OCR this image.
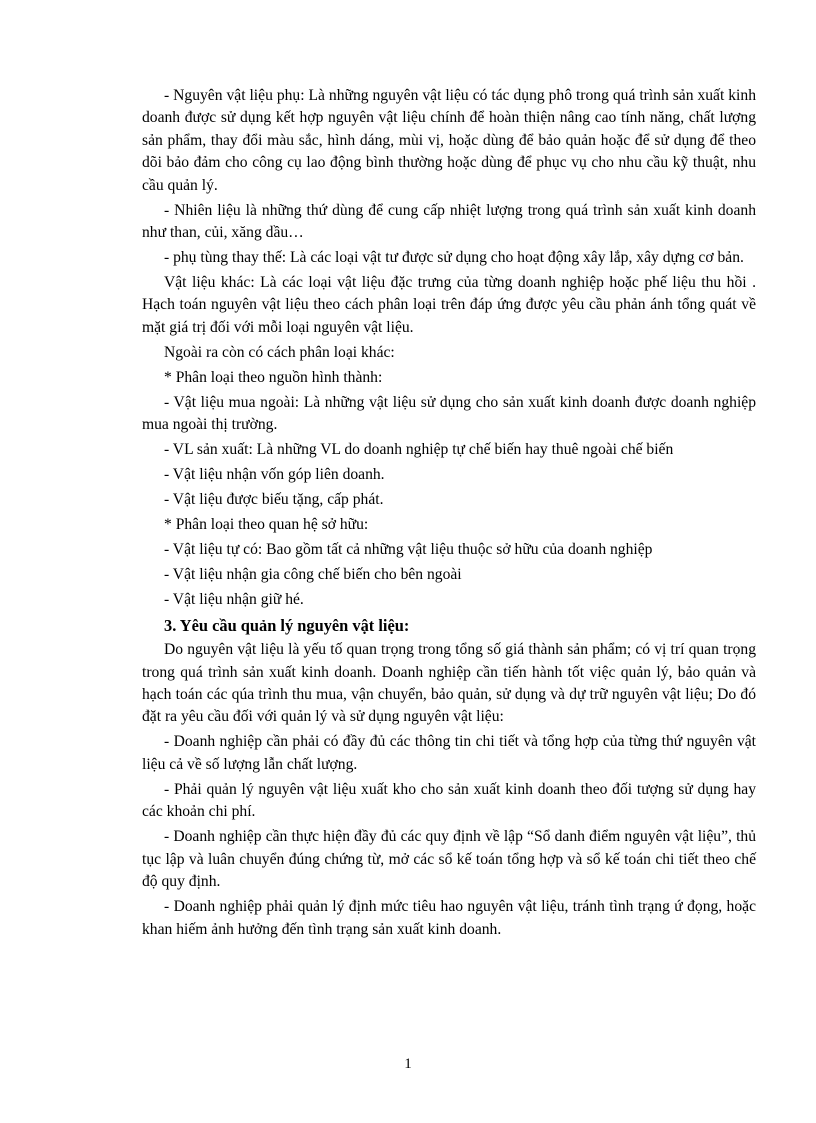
- Nguyên vật liệu phụ: Là những nguyên vật liệu có tác dụng phô trong quá trình sản xuất kinh doanh được sử dụng kết hợp nguyên vật liệu chính để hoàn thiện nâng cao tính năng, chất lượng sản phẩm, thay đổi màu sắc, hình dáng, mùi vị, hoặc dùng để bảo quản hoặc để sử dụng để theo dõi bảo đảm cho công cụ lao động bình thường hoặc dùng để phục vụ cho nhu cầu kỹ thuật, nhu cầu quản lý.

- Nhiên liệu là những thứ dùng để cung cấp nhiệt lượng trong quá trình sản xuất kinh doanh như than, củi, xăng dầu…

- phụ tùng thay thế: Là các loại vật tư được sử dụng cho hoạt động xây lắp, xây dựng cơ bản.

Vật liệu khác: Là các loại vật liệu đặc trưng của từng doanh nghiệp hoặc phế liệu thu hồi . Hạch toán nguyên vật liệu theo cách phân loại trên đáp ứng được yêu cầu phản ánh tổng quát về mặt giá trị đối với mỗi loại nguyên vật liệu.

Ngoài ra còn có cách phân loại khác:

* Phân loại theo nguồn hình thành:

- Vật liệu mua ngoài: Là những vật liệu sử dụng cho sản xuất kinh doanh được doanh nghiệp mua ngoài thị trường.

- VL sản xuất: Là những VL do doanh nghiệp tự chế biến hay thuê ngoài chế biến

- Vật liệu nhận vốn góp liên doanh.

- Vật liệu được biếu tặng, cấp phát.

* Phân loại theo quan hệ sở hữu:

- Vật liệu tự có: Bao gồm tất cả những vật liệu thuộc sở hữu của doanh nghiệp

- Vật liệu nhận gia công chế biến cho bên ngoài

- Vật liệu nhận giữ hé.

3. Yêu cầu quản lý nguyên vật liệu:

Do nguyên vật liệu là yếu tố quan trọng trong tổng số giá thành sản phẩm; có vị trí quan trọng trong quá trình sản xuất kinh doanh. Doanh nghiệp cần tiến hành tốt việc quản lý, bảo quản và hạch toán các qúa trình thu mua, vận chuyển, bảo quản, sử dụng và dự trữ nguyên vật liệu; Do đó đặt ra yêu cầu đối với quản lý và sử dụng nguyên vật liệu:

- Doanh nghiệp cần phải có đầy đủ các thông tin chi tiết và tổng hợp của từng thứ nguyên vật liệu cả về số lượng lẫn chất lượng.

- Phải quản lý nguyên vật liệu xuất kho cho sản xuất kinh doanh theo đối tượng sử dụng hay các khoản chi phí.

- Doanh nghiệp cần thực hiện đầy đủ các quy định về lập “Sổ danh điểm nguyên vật liệu”, thủ tục lập và luân chuyển đúng chứng từ, mở các sổ kế toán tổng hợp và sổ kế toán chi tiết theo chế độ quy định.

- Doanh nghiệp phải quản lý định mức tiêu hao nguyên vật liệu, tránh tình trạng ứ đọng, hoặc khan hiếm ảnh hưởng đến tình trạng sản xuất kinh doanh.

1
